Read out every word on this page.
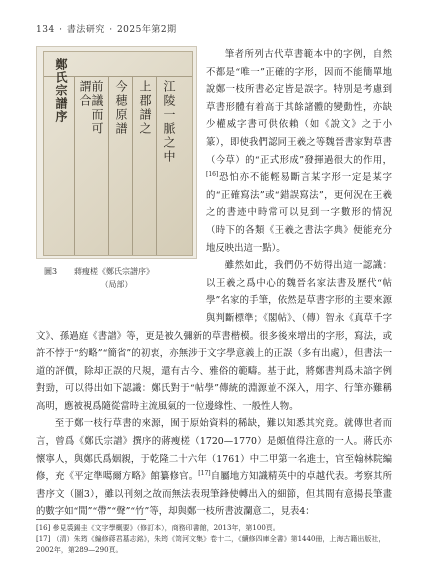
134 · 書法研究 · 2025年第2期
鄭氏宗譜序	江陵一脈之中
上郡譜之
今穂原譜
前議而可
謂合
圖3	蔣瘦槎《鄭氏宗譜序》
（局部）

筆者所列古代草書範本中的字例，自然不都是“唯一”正確的字形，因而不能簡單地說鄭一枝所書必定皆是誤字。特別是考慮到草書形體有着高于其餘諸體的變動性，亦缺少權威字書可供依賴（如《說文》之于小篆），即使我們認同王羲之等魏晉書家對草書（今草）的“正式形成”發揮過很大的作用，[16]恐怕亦不能輕易斷言某字形一定是某字的“正確寫法”或“錯誤寫法”，更何況在王羲之的書迹中時常可以見到一字數形的情況（時下的各類《王羲之書法字典》便能充分地反映出這一點）。

雖然如此，我們仍不妨得出這一認識：以王羲之爲中心的魏晉名家法書及歷代“帖學”名家的手筆，依然是草書字形的主要來源與判斷標準；《閣帖》、（傳）智永《真草千字文》、孫過庭《書譜》等，更是被久彌新的草書楷模。很多後來增出的字形，寫法，或許不悖于“約略”“簡省”的初衷，亦無涉于文字學意義上的正誤（多有出處），但書法一道的評價，除却正誤的尺規，還有古今、雅俗的範疇。基于此，將鄭書判爲未諳字例對勁，可以得出如下認識：鄭氏對于“帖學”傳統的淵源並不深入，用字、行筆亦難稱高明，應被視爲隨從當時主流風氣的一位邊緣性、一般性人物。

至于鄭一枝行草書的來源，囿于原始資料的稀缺，難以知悉其究竟。就傳世者而言，曾爲《鄭氏宗譜》撰序的蔣瘦槎（1720—1770）是頗值得注意的一人。蔣氏亦懷寧人，與鄭氏爲姻親，于乾隆二十六年（1761）中二甲第一名進士，官至翰林院編修，充《平定準噶爾方略》館纂修官。[17]自屬地方知識精英中的卓越代表。考察其所書序文（圖3），雖以刊刻之故而無法表現筆鋒使轉出入的細節，但其間有意揚長筆畫的數字如“閒”“帶”“聲”“竹”等，却與鄭一枝所書波瀾意二，見表4：

[16] 參見裘錫圭《文字學概要》（修訂本），商務印書館，2013年，第100頁。
[17] （清）朱筠《編修蔣君墓志銘》，朱筠《笥河文集》卷十二，《續修四庫全書》第1440冊，上海古籍出版社，2002年，第289—290頁。
